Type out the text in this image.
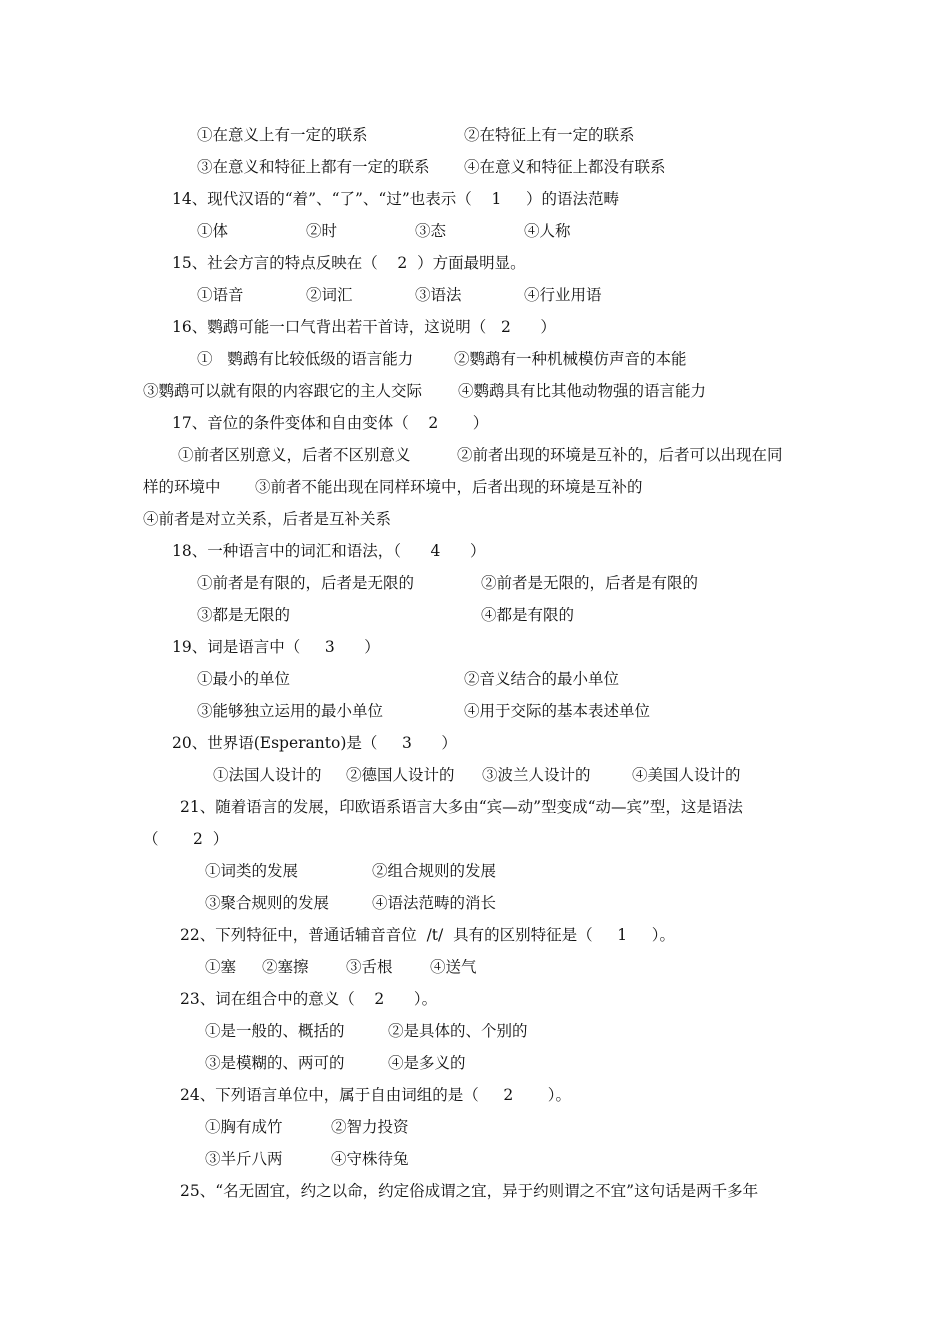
①在意义上有一定的联系	②在特征上有一定的联系
③在意义和特征上都有一定的联系 ④在意义和特征上都没有联系
14、现代汉语的“着”、“了”、“过”也表示（    1     ）的语法范畴
①体	②时	③态	④人称
15、社会方言的特点反映在（    2  ）方面最明显。
①语音	②词汇	③语法	④行业用语
16、鹦鹉可能一口气背出若干首诗，这说明（   2      ）
①   鹦鹉有比较低级的语言能力	②鹦鹉有一种机械模仿声音的本能
③鹦鹉可以就有限的内容跟它的主人交际 ④鹦鹉具有比其他动物强的语言能力
17、音位的条件变体和自由变体（    2       ）
①前者区别意义，后者不区别意义	②前者出现的环境是互补的，后者可以出现在同
样的环境中 ③前者不能出现在同样环境中，后者出现的环境是互补的
④前者是对立关系，后者是互补关系
18、一种语言中的词汇和语法，（      4      ）
①前者是有限的，后者是无限的	②前者是无限的，后者是有限的
③都是无限的	④都是有限的
19、词是语言中（     3      ）
①最小的单位	②音义结合的最小单位
③能够独立运用的最小单位	④用于交际的基本表述单位
20、世界语(Esperanto)是（     3      ）
①法国人设计的 ②德国人设计的 ③波兰人设计的	④美国人设计的
21、随着语言的发展，印欧语系语言大多由“宾—动”型变成“动—宾”型，这是语法
（       2  ）
①词类的发展	②组合规则的发展
③聚合规则的发展	④语法范畴的消长
22、下列特征中，普通话辅音音位  /t/  具有的区别特征是（     1     ）。
①塞 ②塞擦 ③舌根 ④送气
23、词在组合中的意义（    2      ）。
①是一般的、概括的	②是具体的、个别的
③是模糊的、两可的	④是多义的
24、下列语言单位中，属于自由词组的是（     2       ）。
①胸有成竹	②智力投资
③半斤八两	④守株待兔
25、“名无固宜，约之以命，约定俗成谓之宜，异于约则谓之不宜”这句话是两千多年
